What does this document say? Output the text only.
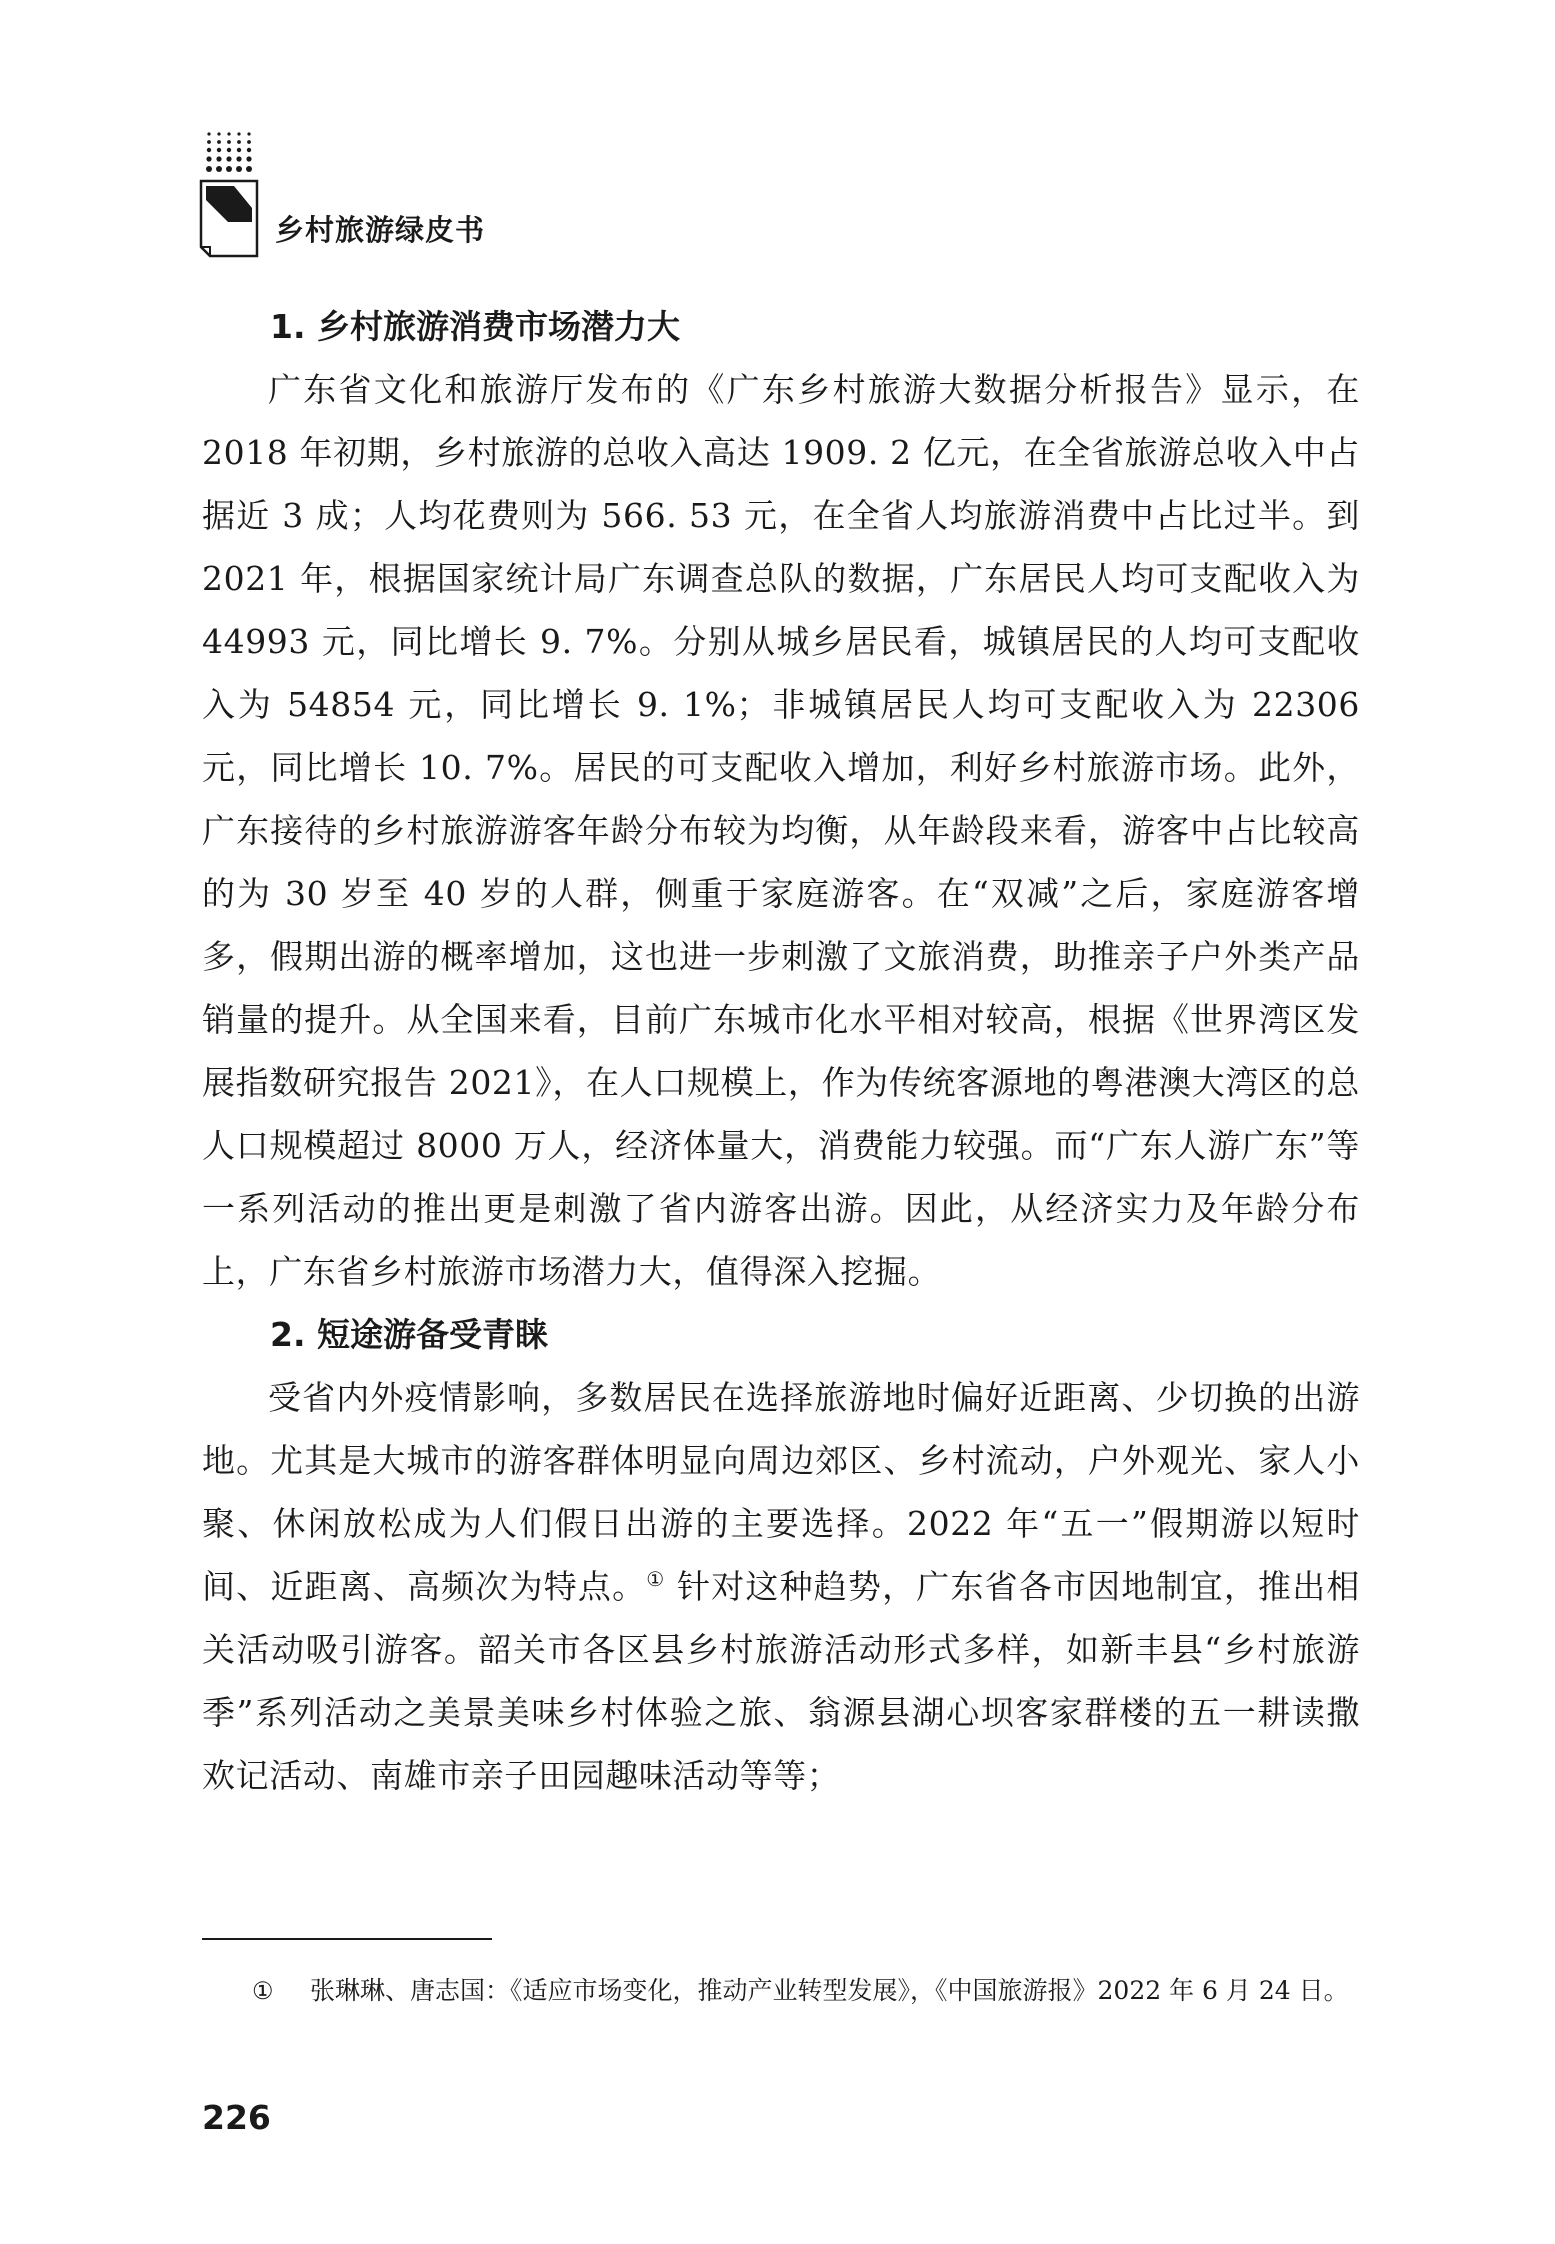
乡村旅游绿皮书
1. 乡村旅游消费市场潜力大

广东省文化和旅游厅发布的《广东乡村旅游大数据分析报告》显示，在 2018 年初期，乡村旅游的总收入高达 1909. 2 亿元，在全省旅游总收入中占据近 3 成；人均花费则为 566. 53 元，在全省人均旅游消费中占比过半。到 2021 年，根据国家统计局广东调查总队的数据，广东居民人均可支配收入为 44993 元，同比增长 9. 7%。分别从城乡居民看，城镇居民的人均可支配收入为 54854 元，同比增长 9. 1%；非城镇居民人均可支配收入为 22306 元，同比增长 10. 7%。居民的可支配收入增加，利好乡村旅游市场。此外，广东接待的乡村旅游游客年龄分布较为均衡，从年龄段来看，游客中占比较高的为 30 岁至 40 岁的人群，侧重于家庭游客。在“双减”之后，家庭游客增多，假期出游的概率增加，这也进一步刺激了文旅消费，助推亲子户外类产品销量的提升。从全国来看，目前广东城市化水平相对较高，根据《世界湾区发展指数研究报告 2021》，在人口规模上，作为传统客源地的粤港澳大湾区的总人口规模超过 8000 万人，经济体量大，消费能力较强。而“广东人游广东”等一系列活动的推出更是刺激了省内游客出游。因此，从经济实力及年龄分布上，广东省乡村旅游市场潜力大，值得深入挖掘。

2. 短途游备受青睐

受省内外疫情影响，多数居民在选择旅游地时偏好近距离、少切换的出游地。尤其是大城市的游客群体明显向周边郊区、乡村流动，户外观光、家人小聚、休闲放松成为人们假日出游的主要选择。2022 年“五一”假期游以短时间、近距离、高频次为特点。① 针对这种趋势，广东省各市因地制宜，推出相关活动吸引游客。韶关市各区县乡村旅游活动形式多样，如新丰县“乡村旅游季”系列活动之美景美味乡村体验之旅、翁源县湖心坝客家群楼的五一耕读撒欢记活动、南雄市亲子田园趣味活动等等；

① 张琳琳、唐志国：《适应市场变化，推动产业转型发展》，《中国旅游报》2022 年 6 月 24 日。
226
